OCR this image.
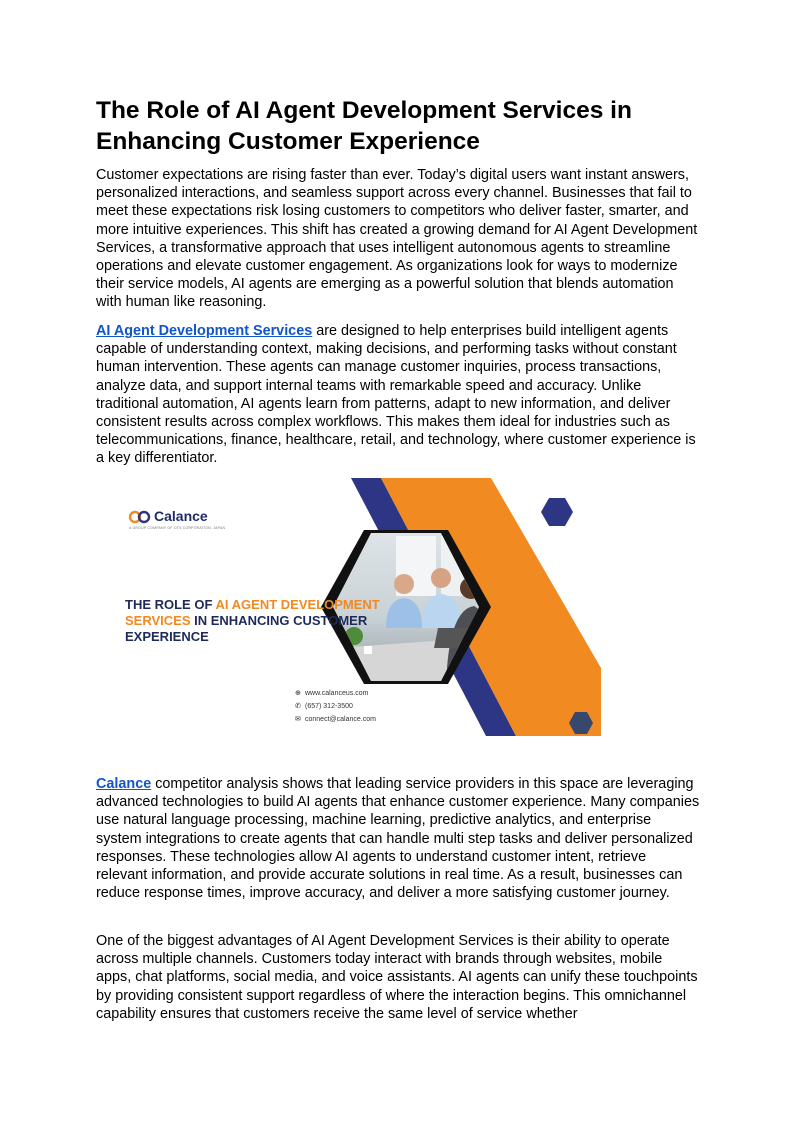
The Role of AI Agent Development Services in Enhancing Customer Experience

Customer expectations are rising faster than ever. Today’s digital users want instant answers, personalized interactions, and seamless support across every channel. Businesses that fail to meet these expectations risk losing customers to competitors who deliver faster, smarter, and more intuitive experiences. This shift has created a growing demand for AI Agent Development Services, a transformative approach that uses intelligent autonomous agents to streamline operations and elevate customer engagement. As organizations look for ways to modernize their service models, AI agents are emerging as a powerful solution that blends automation with human like reasoning.

AI Agent Development Services are designed to help enterprises build intelligent agents capable of understanding context, making decisions, and performing tasks without constant human intervention. These agents can manage customer inquiries, process transactions, analyze data, and support internal teams with remarkable speed and accuracy. Unlike traditional automation, AI agents learn from patterns, adapt to new information, and deliver consistent results across complex workflows. This makes them ideal for industries such as telecommunications, finance, healthcare, retail, and technology, where customer experience is a key differentiator.

Calance
A GROUP COMPANY OF OTS CORPORATION, JAPAN
THE ROLE OF AI AGENT DEVELOPMENT SERVICES IN ENHANCING CUSTOMER EXPERIENCE
⊕ www.calanceus.com
✆ (657) 312-3500
✉ connect@calance.com

Calance competitor analysis shows that leading service providers in this space are leveraging advanced technologies to build AI agents that enhance customer experience. Many companies use natural language processing, machine learning, predictive analytics, and enterprise system integrations to create agents that can handle multi step tasks and deliver personalized responses. These technologies allow AI agents to understand customer intent, retrieve relevant information, and provide accurate solutions in real time. As a result, businesses can reduce response times, improve accuracy, and deliver a more satisfying customer journey.

One of the biggest advantages of AI Agent Development Services is their ability to operate across multiple channels. Customers today interact with brands through websites, mobile apps, chat platforms, social media, and voice assistants. AI agents can unify these touchpoints by providing consistent support regardless of where the interaction begins. This omnichannel capability ensures that customers receive the same level of service whether
